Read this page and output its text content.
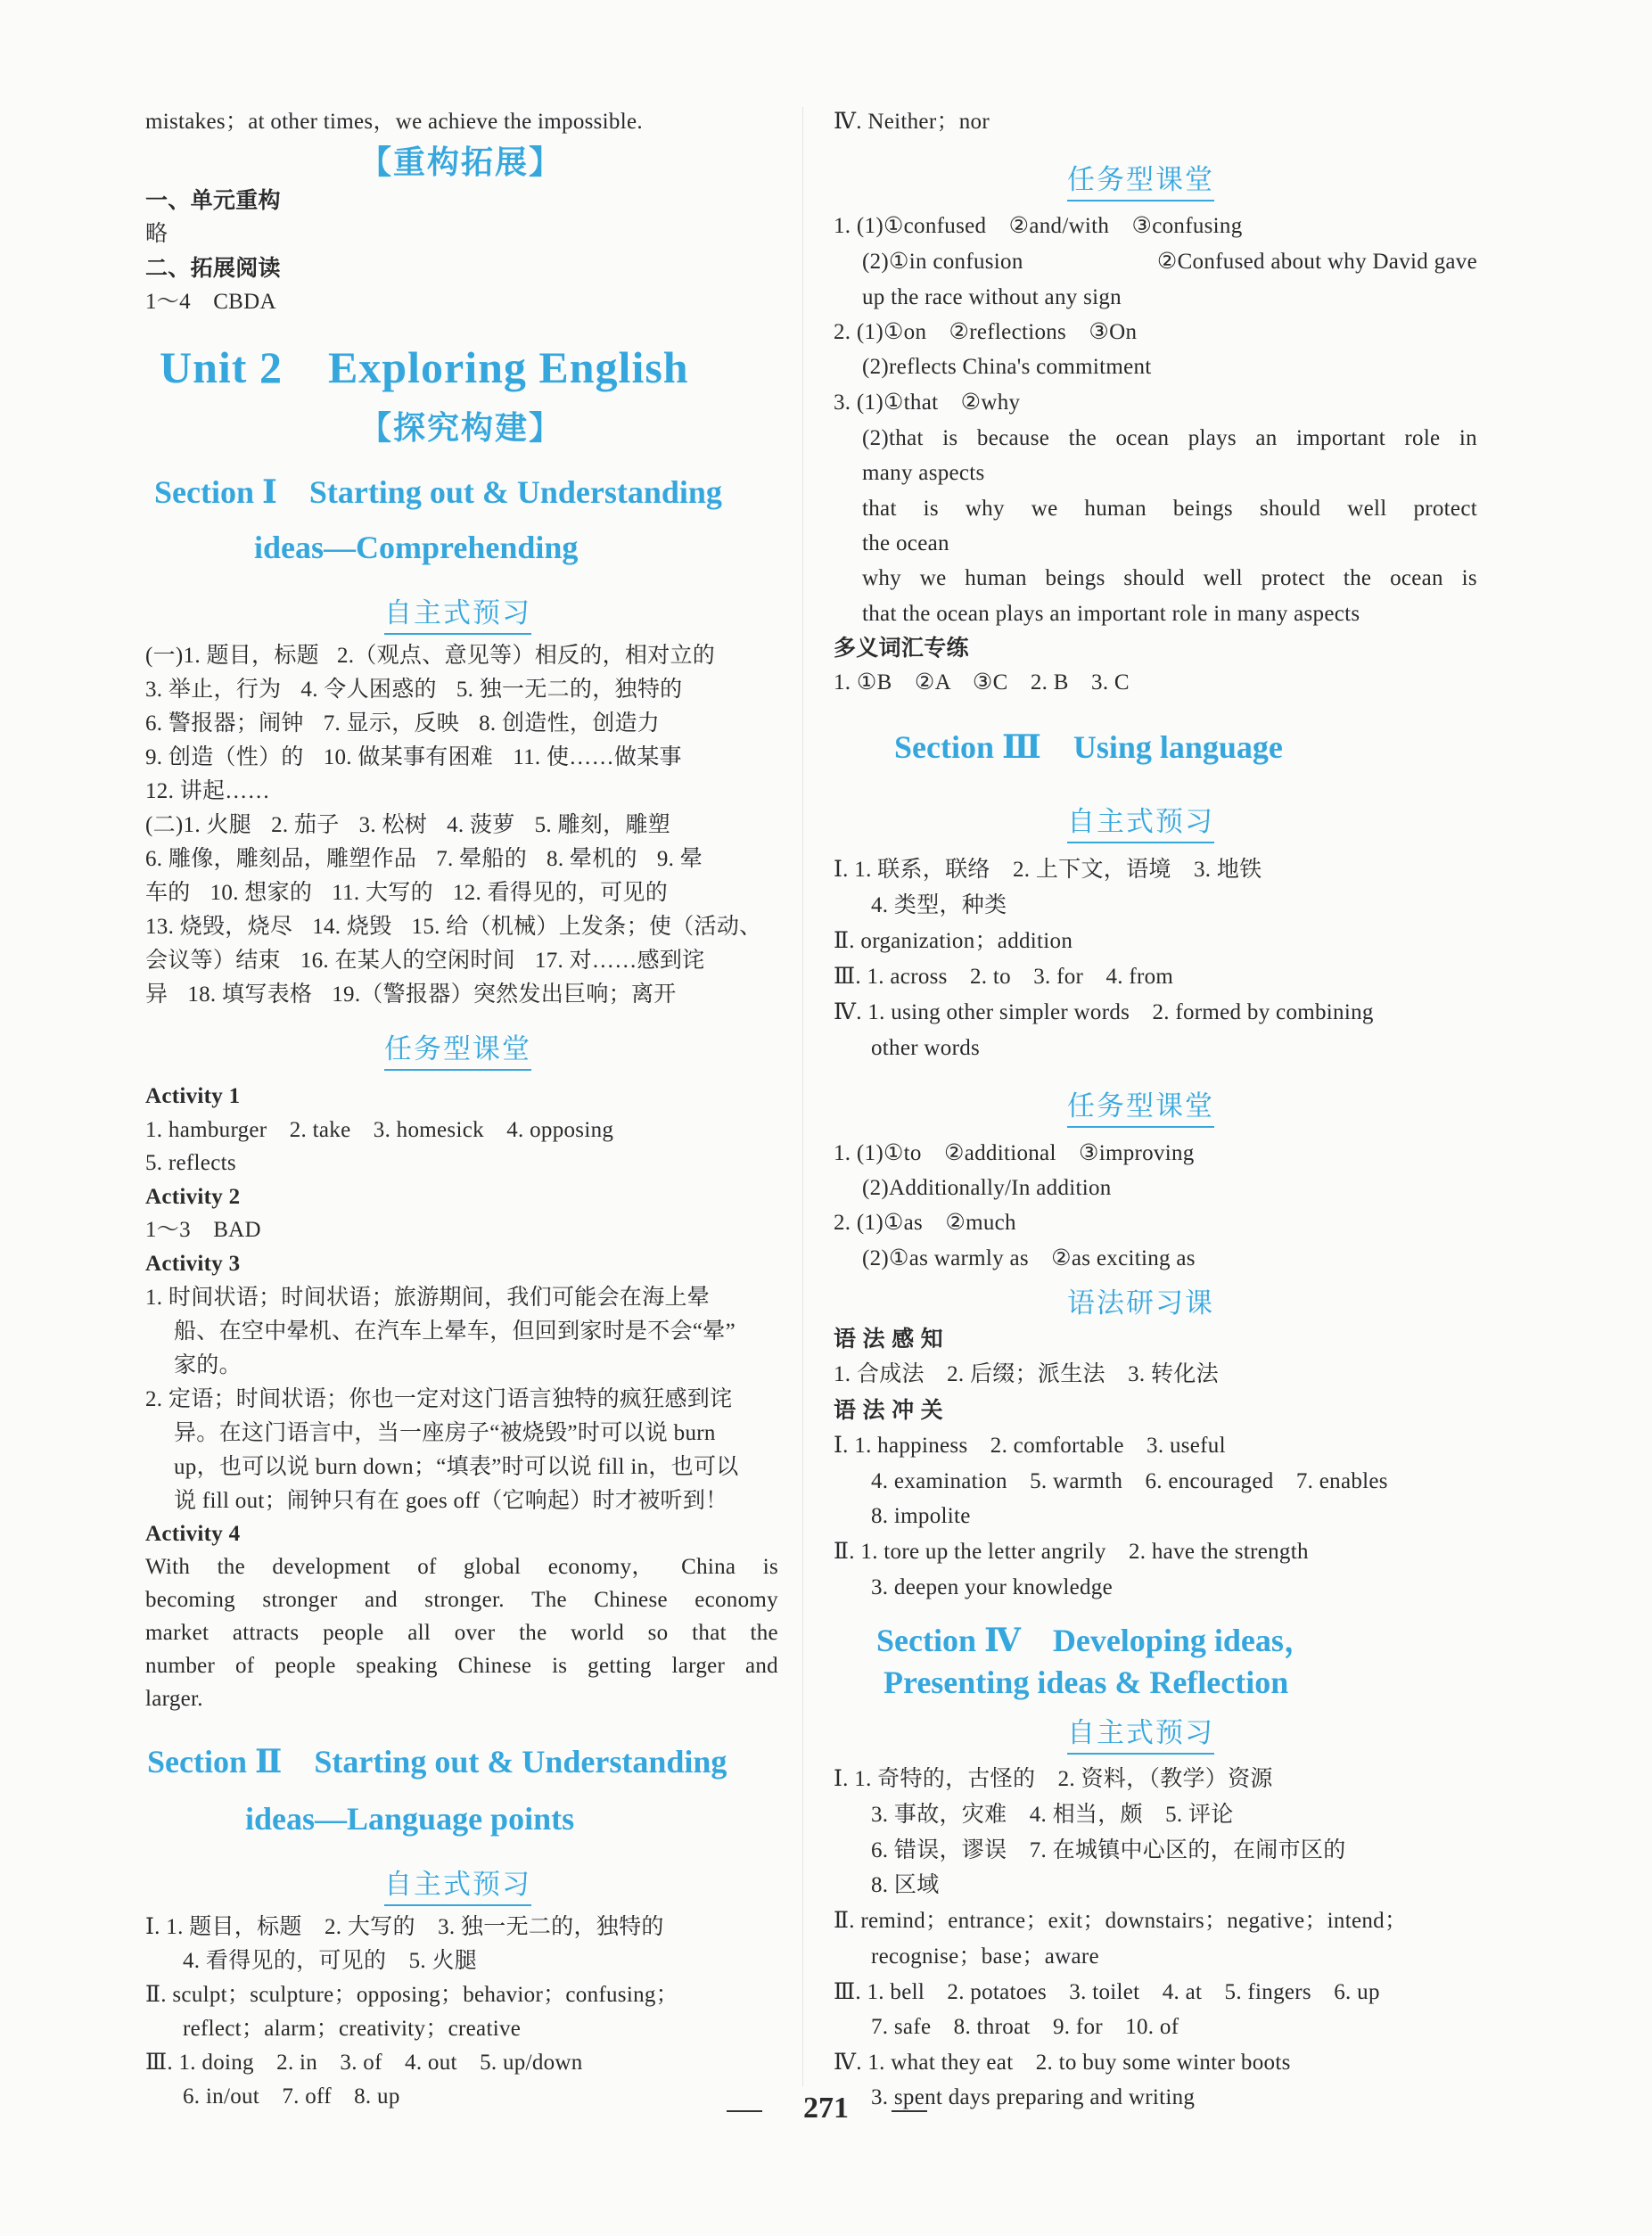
mistakes；at other times，we achieve the impossible.
【重构拓展】
一、单元重构
略
二、拓展阅读
1～4　CBDA
Unit 2　Exploring English
【探究构建】
Section Ⅰ　Starting out & Understanding
ideas—Comprehending
自主式预习
(一)1. 题目，标题 2.（观点、意见等）相反的，相对立的
3. 举止，行为 4. 令人困惑的 5. 独一无二的，独特的
6. 警报器；闹钟 7. 显示，反映 8. 创造性，创造力
9. 创造（性）的 10. 做某事有困难 11. 使……做某事
12. 讲起……
(二)1. 火腿 2. 茄子 3. 松树 4. 菠萝 5. 雕刻，雕塑
6. 雕像，雕刻品，雕塑作品 7. 晕船的 8. 晕机的 9. 晕
车的 10. 想家的 11. 大写的 12. 看得见的，可见的
13. 烧毁，烧尽 14. 烧毁 15. 给（机械）上发条；使（活动、
会议等）结束 16. 在某人的空闲时间 17. 对……感到诧
异 18. 填写表格 19.（警报器）突然发出巨响；离开
任务型课堂
Activity 1
1. hamburger　2. take　3. homesick　4. opposing
5. reflects
Activity 2
1～3　BAD
Activity 3
1. 时间状语；时间状语；旅游期间，我们可能会在海上晕
船、在空中晕机、在汽车上晕车，但回到家时是不会“晕”
家的。
2. 定语；时间状语；你也一定对这门语言独特的疯狂感到诧
异。在这门语言中，当一座房子“被烧毁”时可以说 burn
up，也可以说 burn down；“填表”时可以说 fill in，也可以
说 fill out；闹钟只有在 goes off（它响起）时才被听到！
Activity 4
With the development of global economy， China is
becoming stronger and stronger. The Chinese economy
market attracts people all over the world so that the
number of people speaking Chinese is getting larger and
larger.
Section Ⅱ　Starting out & Understanding
ideas—Language points
自主式预习
Ⅰ. 1. 题目，标题　2. 大写的　3. 独一无二的，独特的
4. 看得见的，可见的　5. 火腿
Ⅱ. sculpt；sculpture；opposing；behavior；confusing；
reflect；alarm；creativity；creative
Ⅲ. 1. doing　2. in　3. of　4. out　5. up/down
6. in/out　7. off　8. up
Ⅳ. Neither；nor
任务型课堂
1. (1)①confused　②and/with　③confusing
(2)①in confusion	②Confused about why David gave
up the race without any sign
2. (1)①on　②reflections　③On
(2)reflects China's commitment
3. (1)①that　②why
(2)that is because the ocean plays an important role in
many aspects
that is why we human beings should well protect
the ocean
why we human beings should well protect the ocean is
that the ocean plays an important role in many aspects
多义词汇专练
1. ①B　②A　③C　2. B　3. C
Section Ⅲ　Using language
自主式预习
Ⅰ. 1. 联系，联络　2. 上下文，语境　3. 地铁
4. 类型，种类
Ⅱ. organization；addition
Ⅲ. 1. across　2. to　3. for　4. from
Ⅳ. 1. using other simpler words　2. formed by combining
other words
任务型课堂
1. (1)①to　②additional　③improving
(2)Additionally/In addition
2. (1)①as　②much
(2)①as warmly as　②as exciting as
语法研习课
语 法 感 知
1. 合成法　2. 后缀；派生法　3. 转化法
语 法 冲 关
Ⅰ. 1. happiness　2. comfortable　3. useful
4. examination　5. warmth　6. encouraged　7. enables
8. impolite
Ⅱ. 1. tore up the letter angrily　2. have the strength
3. deepen your knowledge
Section Ⅳ　Developing ideas，
Presenting ideas & Reflection
自主式预习
Ⅰ. 1. 奇特的，古怪的　2. 资料，（教学）资源
3. 事故，灾难　4. 相当，颇　5. 评论
6. 错误，谬误　7. 在城镇中心区的，在闹市区的
8. 区域
Ⅱ. remind；entrance；exit；downstairs；negative；intend；
recognise；base；aware
Ⅲ. 1. bell　2. potatoes　3. toilet　4. at　5. fingers　6. up
7. safe　8. throat　9. for　10. of
Ⅳ. 1. what they eat　2. to buy some winter boots
3. spent days preparing and writing
271
